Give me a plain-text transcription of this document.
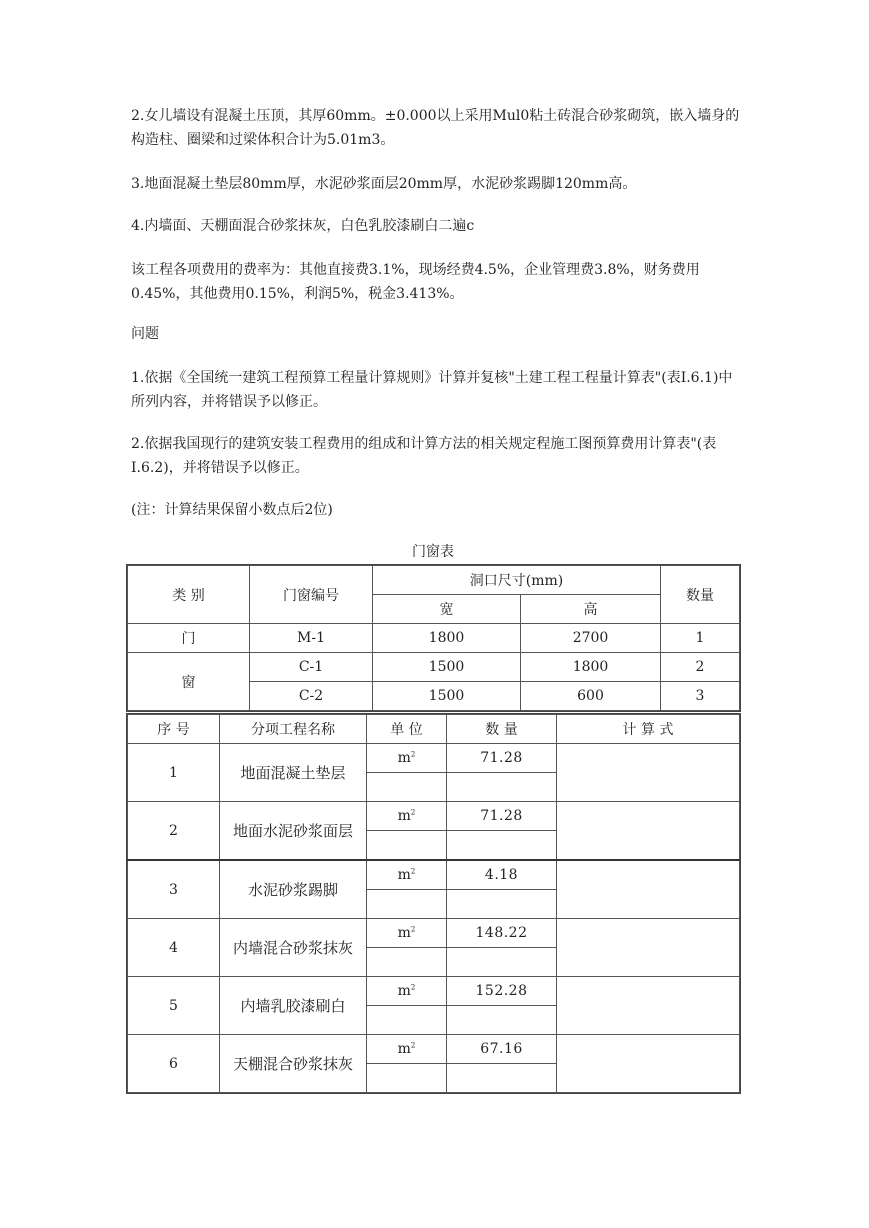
2.女儿墙设有混凝土压顶，其厚60mm。±0.000以上采用Mul0粘土砖混合砂浆砌筑，嵌入墙身的构造柱、圈梁和过梁体积合计为5.01m3。

3.地面混凝土垫层80mm厚，水泥砂浆面层20mm厚，水泥砂浆踢脚120mm高。

4.内墙面、天棚面混合砂浆抹灰，白色乳胶漆刷白二遍c

该工程各项费用的费率为：其他直接费3.1%，现场经费4.5%，企业管理费3.8%，财务费用0.45%，其他费用0.15%，利润5%，税金3.413%。

问题

1.依据《全国统一建筑工程预算工程量计算规则》计算并复核"土建工程工程量计算表"(表I.6.1)中所列内容，并将错误予以修正。

2.依据我国现行的建筑安装工程费用的组成和计算方法的相关规定程施工图预算费用计算表"(表I.6.2)，并将错误予以修正。

(注：计算结果保留小数点后2位)

门窗表
类 别	门窗编号	洞口尺寸(mm)		数量
		宽	高	
门	M-1	1800	2700	1
窗	C-1	1500	1800	2
	C-2	1500	600	3
序 号	分项工程名称	单 位	数 量	计 算 式
1	地面混凝土垫层	$m^2$	71.28	

2	地面水泥砂浆面层	$m^2$	71.28	

3	水泥砂浆踢脚	$m^2$	4.18	

4	内墙混合砂浆抹灰	$m^2$	148.22	

5	内墙乳胶漆刷白	$m^2$	152.28	

6	天棚混合砂浆抹灰	$m^2$	67.16	
